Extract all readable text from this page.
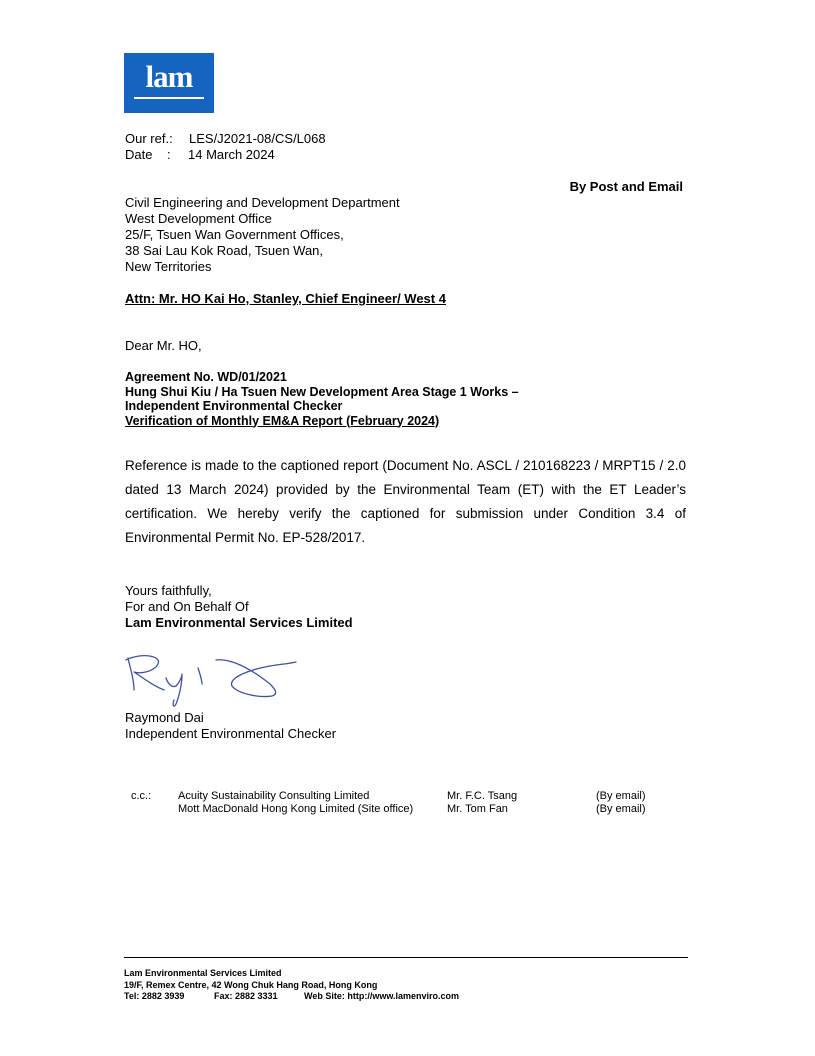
lam
Our ref.: LES/J2021-08/CS/L068
Date : 14 March 2024
By Post and Email
Civil Engineering and Development Department
West Development Office
25/F, Tsuen Wan Government Offices,
38 Sai Lau Kok Road, Tsuen Wan,
New Territories
Attn: Mr. HO Kai Ho, Stanley, Chief Engineer/ West 4
Dear Mr. HO,
Agreement No. WD/01/2021
Hung Shui Kiu / Ha Tsuen New Development Area Stage 1 Works –
Independent Environmental Checker
Verification of Monthly EM&A Report (February 2024)
Reference is made to the captioned report (Document No. ASCL / 210168223 / MRPT15 / 2.0 dated 13 March 2024) provided by the Environmental Team (ET) with the ET Leader’s certification. We hereby verify the captioned for submission under Condition 3.4 of Environmental Permit No. EP-528/2017.
Yours faithfully,
For and On Behalf Of
Lam Environmental Services Limited
Raymond Dai
Independent Environmental Checker
c.c.: Acuity Sustainability Consulting Limited
Mott MacDonald Hong Kong Limited (Site office)
Mr. F.C. Tsang
Mr. Tom Fan
(By email)
(By email)
Lam Environmental Services Limited
19/F, Remex Centre, 42 Wong Chuk Hang Road, Hong Kong
Tel: 2882 3939	Fax: 2882 3331	Web Site: http://www.lamenviro.com
